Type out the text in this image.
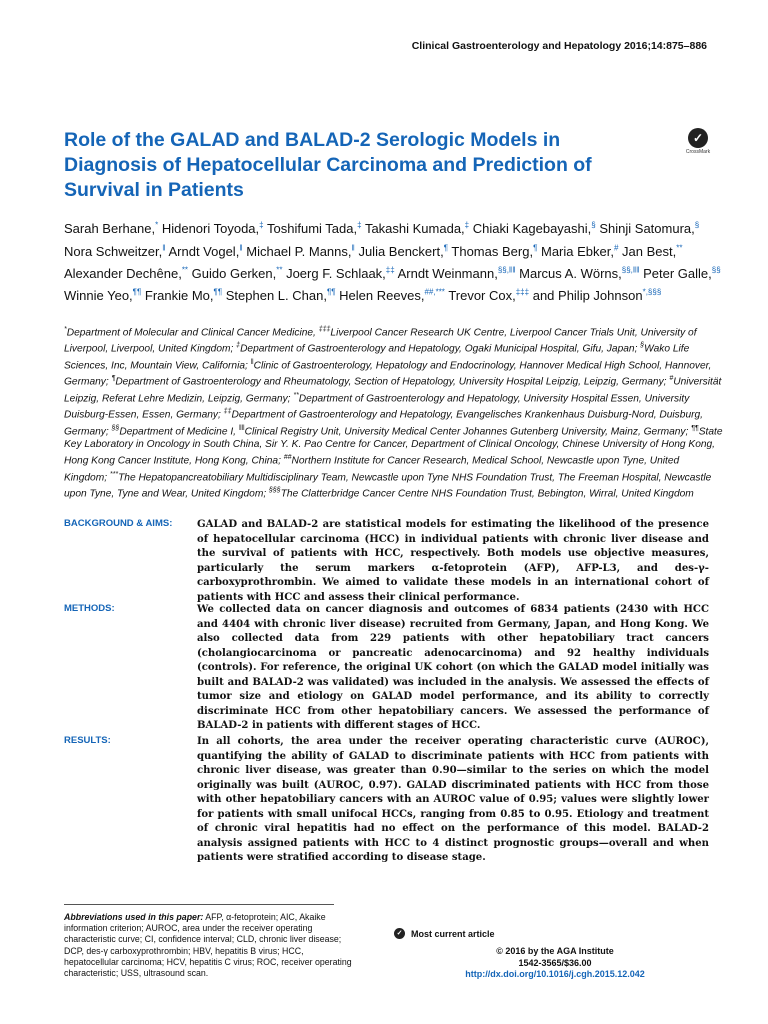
Clinical Gastroenterology and Hepatology 2016;14:875–886
Role of the GALAD and BALAD-2 Serologic Models in Diagnosis of Hepatocellular Carcinoma and Prediction of Survival in Patients
✓
CrossMark
Sarah Berhane,* Hidenori Toyoda,‡ Toshifumi Tada,‡ Takashi Kumada,‡ Chiaki Kagebayashi,§ Shinji Satomura,§ Nora Schweitzer,‖ Arndt Vogel,‖ Michael P. Manns,‖ Julia Benckert,¶ Thomas Berg,¶ Maria Ebker,# Jan Best,** Alexander Dechêne,** Guido Gerken,** Joerg F. Schlaak,‡‡ Arndt Weinmann,§§,‖‖ Marcus A. Wörns,§§,‖‖ Peter Galle,§§ Winnie Yeo,¶¶ Frankie Mo,¶¶ Stephen L. Chan,¶¶ Helen Reeves,##,*** Trevor Cox,‡‡‡ and Philip Johnson*,§§§
*Department of Molecular and Clinical Cancer Medicine, ‡‡‡Liverpool Cancer Research UK Centre, Liverpool Cancer Trials Unit, University of Liverpool, Liverpool, United Kingdom; ‡Department of Gastroenterology and Hepatology, Ogaki Municipal Hospital, Gifu, Japan; §Wako Life Sciences, Inc, Mountain View, California; ‖Clinic of Gastroenterology, Hepatology and Endocrinology, Hannover Medical High School, Hannover, Germany; ¶Department of Gastroenterology and Rheumatology, Section of Hepatology, University Hospital Leipzig, Leipzig, Germany; #Universität Leipzig, Referat Lehre Medizin, Leipzig, Germany; **Department of Gastroenterology and Hepatology, University Hospital Essen, University Duisburg-Essen, Essen, Germany; ‡‡Department of Gastroenterology and Hepatology, Evangelisches Krankenhaus Duisburg-Nord, Duisburg, Germany; §§Department of Medicine I, ‖‖Clinical Registry Unit, University Medical Center Johannes Gutenberg University, Mainz, Germany; ¶¶State Key Laboratory in Oncology in South China, Sir Y. K. Pao Centre for Cancer, Department of Clinical Oncology, Chinese University of Hong Kong, Hong Kong Cancer Institute, Hong Kong, China; ##Northern Institute for Cancer Research, Medical School, Newcastle upon Tyne, United Kingdom; ***The Hepatopancreatobiliary Multidisciplinary Team, Newcastle upon Tyne NHS Foundation Trust, The Freeman Hospital, Newcastle upon Tyne, Tyne and Wear, United Kingdom; §§§The Clatterbridge Cancer Centre NHS Foundation Trust, Bebington, Wirral, United Kingdom
BACKGROUND & AIMS: GALAD and BALAD-2 are statistical models for estimating the likelihood of the presence of hepatocellular carcinoma (HCC) in individual patients with chronic liver disease and the survival of patients with HCC, respectively. Both models use objective measures, particularly the serum markers α-fetoprotein (AFP), AFP-L3, and des-γ-carboxyprothrombin. We aimed to validate these models in an international cohort of patients with HCC and assess their clinical performance.
METHODS:	We collected data on cancer diagnosis and outcomes of 6834 patients (2430 with HCC and 4404 with chronic liver disease) recruited from Germany, Japan, and Hong Kong. We also collected data from 229 patients with other hepatobiliary tract cancers (cholangiocarcinoma or pancreatic adenocarcinoma) and 92 healthy individuals (controls). For reference, the original UK cohort (on which the GALAD model initially was built and BALAD-2 was validated) was included in the analysis. We assessed the effects of tumor size and etiology on GALAD model performance, and its ability to correctly discriminate HCC from other hepatobiliary cancers. We assessed the performance of BALAD-2 in patients with different stages of HCC.
RESULTS:	In all cohorts, the area under the receiver operating characteristic curve (AUROC), quantifying the ability of GALAD to discriminate patients with HCC from patients with chronic liver disease, was greater than 0.90—similar to the series on which the model originally was built (AUROC, 0.97). GALAD discriminated patients with HCC from those with other hepatobiliary cancers with an AUROC value of 0.95; values were slightly lower for patients with small unifocal HCCs, ranging from 0.85 to 0.95. Etiology and treatment of chronic viral hepatitis had no effect on the performance of this model. BALAD-2 analysis assigned patients with HCC to 4 distinct prognostic groups—overall and when patients were stratified according to disease stage.
Abbreviations used in this paper: AFP, α-fetoprotein; AIC, Akaike information criterion; AUROC, area under the receiver operating characteristic curve; CI, confidence interval; CLD, chronic liver disease; DCP, des-γ carboxyprothrombin; HBV, hepatitis B virus; HCC, hepatocellular carcinoma; HCV, hepatitis C virus; ROC, receiver operating characteristic; USS, ultrasound scan.
✓ Most current article
© 2016 by the AGA Institute
1542-3565/$36.00
http://dx.doi.org/10.1016/j.cgh.2015.12.042
